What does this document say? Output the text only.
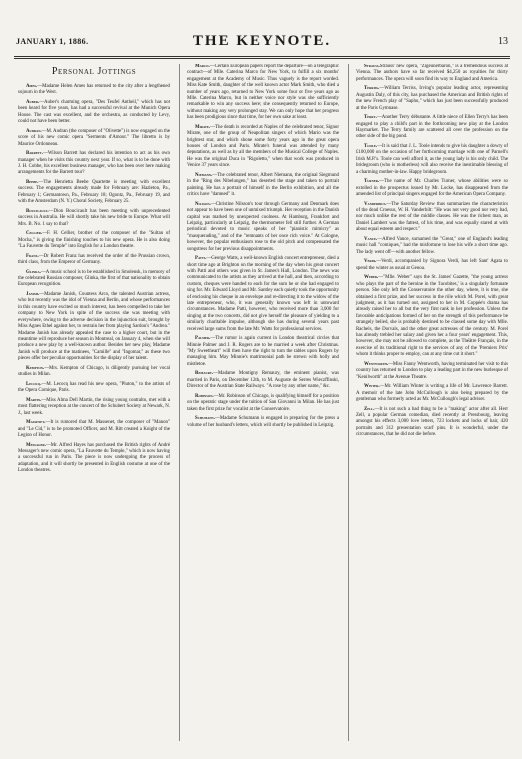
JANUARY 1, 1886.	THE KEYNOTE.	13
Personal Jottings

Ames.—Madame Helen Ames has returned to the city after a lengthened sojourn in the West.

Auber.—Auber's charming opera, "Des Teufel Antheil," which has not been heard for five years, has had a successful revival at the Munich Opera House. The cast was excellent, and the orchestra, as conducted by Levy, could not have been better.

Audran.—M. Audran (the composer of "Olivette") is now engaged on the score of his new comic opera "Serments d'Amour." The libretto is by Maurice Ordonneau.

Barrett.—Wilson Barrett has declared his intention to act as his own manager when he visits this country next year. If so, what is to be done with J. H. Cobbe, his excellent business manager, who has been over here making arrangements for the Barrett tour?

Beebe.—The Henrietta Beebe Quartette is meeting with excellent success. The engagements already made for February are: Hazleton, Pa., February 1; Germantown, Pa., February 18; Ogontz, Pa., February 19, and with the Amsterdam (N. Y.) Choral Society, February 25.

Boucicault.—Dion Boucicault has been meeting with unprecedented success in Australia. He will shortly take his new bride to Europe. What will Mrs. B. No. 1 say to that?

Cellier.—F. H. Cellier, brother of the composer of the "Sultan of Mocha," is giving the finishing touches to his new opera. He is also doing "La Fauvette du Temple" into English for a London theatre.

Franz.—Dr Robert Franz has received the order of the Prussian crown, third class, from the Emperor of Germany.

Glinka.—A music school is to be established in Smolensk, in memory of the celebrated Russian composer, Glinka, the first of that nationality to obtain European recognition.

Janish.—Madame Janish, Countess Arco, the talented Austrian actress, who but recently was the idol of Vienna and Berlin, and whose performances in this country have excited so much interest, has been compelled to take her company to New York in spite of the success she was meeting with everywhere, owing to the adverse decision in the injunction suit, brought by Miss Agnes Ethel against her, to restrain her from playing Sardou's "Andrea." Madame Janish has already appealed the case to a higher court, but in the meantime will reproduce her season in Montreal, on January 4, when she will produce a new play by a well-known author. Besides her new play, Madame Janish will produce at the matinees, "Camille" and "Ingomar," as these two pieces offer her peculiar opportunities for the display of her talent.

Kempton.—Mrs. Kempton of Chicago, is diligently pursuing her vocal studies in Milan.

Lecocq.—M. Lecocq has read his new opera, "Pluton," to the artists of the Opera Comique, Paris.

Martin.—Miss Alma Dell Martin, the rising young contralto, met with a most flattering reception at the concert of the Schubert Society at Newark, N. J., last week.

Massenet.—It is rumored that M. Massenet, the composer of "Manon" and "Le Cid," is to be promoted Officer, and M. Ritt created a Knight of the Legion of Honor.

Messager.—Mr. Alfred Hayes has purchased the British rights of André Messager's new comic opera, "La Fauvette du Temple," which is now having a successful run in Paris. The piece is now undergoing the process of adaptation, and it will shortly be presented in English costume at one of the London theatres.

Marco.—Certain European papers report the departure—on a telegraphic contract—of Mlle. Caterina Marco for New York, to fulfill a six months' engagement at the Academy of Music. Thus vaguely is the report worded. Miss Kate Smith, daughter of the well known actor Mark Smith, who died a number of years ago, returned to New York some four or five years ago as Mlle. Caterina Marco, but in neither voice nor style was she sufficiently remarkable to win any success here; she consequently returned to Europe, without making any very prolonged stay. We can only hope that her progress has been prodigious since that time, for her own sake at least.

Mirate.—The death is recorded at Naples of the celebrated tenor, Signor Mirate, one of the group of Neapolitan singers of which Mario was the brightest star, and which shone some forty years ago in the great opera houses of London and Paris. Mirate's funeral was attended by many deputations, as well as by all the members of the Musical College of Naples. He was the original Duca in "Rigoletto," when that work was produced in Venice 37 years since.

Niemann.—The celebrated tenor, Albert Niemann, the original Siegmund in the "Ring des Nibelungen," has deserted the stage and taken to portrait painting. He has a portrait of himself in the Berlin exhibition, and all the critics have "damned" it.

Nilsson.—Christine Nilsson's tour through Germany and Denmark does not appear to have been one of unmixed triumph. Her reception in the Danish capital was marked by unexpected coolness. At Hamburg, Frankfort and Leipzig, particularly at Leipzig, the thermometer fell still further. A German periodical devoted to music speaks of her "pianistic mimicry" as "masquerading," and of the "remnants of her once rich voice." At Cologne, however, the popular enthusiasm rose to the old pitch and compensated the songstress for her previous disappointments.

Patti.—George Watts, a well-known English concert entrepreneur, died a short time ago at Brighton on the morning of the day when his great concert with Patti and others was given in St. James's Hall, London. The news was communicated to the artists as they arrived at the hall, and then, according to custom, cheques were handed to each for the sum he or she had engaged to sing for. Mr. Edward Lloyd and Mr. Santley each quietly took the opportunity of enclosing his cheque in an envelope and re-directing it to the widow of the late entrepreneur, who, it was generally known was left in untoward circumstances. Madame Patti, however, who received more than 3,000 for singing at the two concerts, did not give herself the pleasure of yielding to a similarly charitable impulse, although she has during several years past received large sums from the late Mr. Watts for professional services.

Palmer.—The rumor is again current in London theatrical circles that Minnie Palmer and J. R. Rogers are to be married a week after Christmas. "My Sweetheart" will then have the right to turn the tables upon Rogers by managing him. May Minnie's matrimonial path be strewn with holly and mistletoe.

Remaury.—Madame Montigny Remaury, the eminent pianist, was married in Paris, on December 12th, to M. Auguste de Serres Wieczffinski, Director of the Austrian State Railways. "A rose by any other name," &c.

Robinson.—Mr. Robinson of Chicago, is qualifying himself for a position on the operatic stage under the tuition of San Giovanni in Milan. He has just taken the first prize for vocalist at the Conservatoire.

Schumann.—Madame Schumann is engaged in preparing for the press a volume of her husband's letters, which will shortly be published in Leipzig.

Strauss.Strauss' new opera, "Zigeunerbaron," is a tremendous success at Vienna. The authors have so far received $4,250 as royalties for thirty performances. The opera will soon find its way to England and America.

Terriss.—William Terriss, Irving's popular leading actor, representing Augustin Daly, of this city, has purchased the American and British rights of the new French play of "Sapho," which has just been successfully produced at the Paris Gymnase.

Terry.—Another Terry débutante. A little niece of Ellen Terry's has been engaged to play a child's part in the forthcoming new play at the London Haymarket. The Terry family are scattered all over the profession on the other side of the big pond.

Toole.—It is said that J. L. Toole intends to give his daughter a dowry of £100,000 on the occasion of her forthcoming marriage with one of Parnell's Irish M.P.'s. Toole can well afford it, as the young lady is his only child. The bridegroom (who is motherless) will also receive the inestimable blessing of a charming mother-in-law. Happy bridegroom.

Turner.—The name of Mr. Charles Turner, whose abilities were so extolled in the prospectus issued by Mr. Locke, has disappeared from the amended list of principal singers engaged for the American Opera Company.

Vanderbilt.—The Saturday Review thus summarizes the characteristics of the dead Croesus, W. H. Vanderbilt: "He was not very good nor very bad, nor much unlike the rest of the middle classes. He was the richest man, as Daniel Lambert was the fattest, of his time, and was equally stared at with about equal esteem and respect."

Vance.—Alfred Vance, surnamed the "Great," one of England's leading music hall "comiques," had the misfortune to lose his wife a short time ago. The lady went off—with another fellow.

Verdi.—Verdi, accompanied by Signora Verdi, has left Sant' Agata to spend the winter as usual at Genoa.

Weber.—"Mlle. Weber" says the St. James' Gazette, "the young actress who plays the part of the heroine in the 'Jacobites,' is a singularly fortunate person. She only left the Conservatoire the other day, where, it is true, she obtained a first prize, and her success in the rôle which M. Porel, with great judgment, as it has turned out, assigned to her in M. Coppée's drama has already raised her to all but the very first rank in her profession. Unless the favorable anticipations formed of her on the strength of this performance be strangely belied, she is probably destined to be classed some day with Mlle. Rachels, the Dorvals, and the other great actresses of the century. M. Porel has already trebled her salary and given her a four years' engagement. This, however, she may not be allowed to complete, as the Théâtre Français, in the exercise of its traditional right to the services of any of the 'Premiers Prix' whom it thinks proper to employ, can at any time cut it short."

Wentworth.—Miss Fanny Wentworth, having terminated her visit to this country has returned to London to play a leading part in the new burlesque of "Kenilworth" at the Avenue Theatre.

Winter.—Mr. William Winter is writing a life of Mr. Lawrence Barrett. A memoir of the late John McCullough is also being prepared by the gentleman who formerly acted as Mr. McCullough's legal adviser.

Zell.—It is not such a bad thing to be a "making" actor after all. Herr Zell, a popular German comedian, died recently at Pressbourg, leaving amongst his effects 3,000 love letters, 723 lockets and locks of hair, 420 portraits and 312 presentation scarf pins. It is wonderful, under the circumstances, that he did not die before.
